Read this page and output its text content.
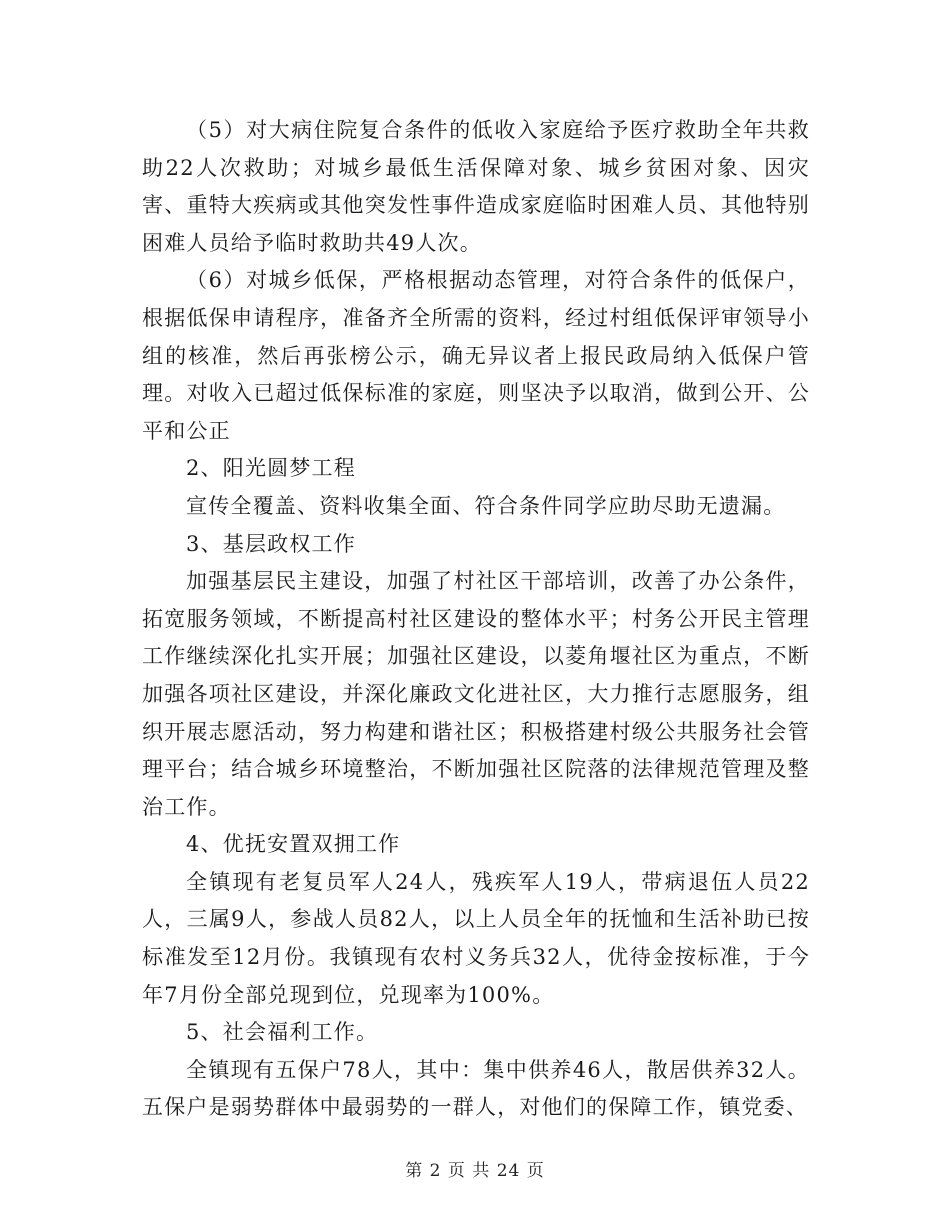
（5）对大病住院复合条件的低收入家庭给予医疗救助全年共救助22人次救助；对城乡最低生活保障对象、城乡贫困对象、因灾害、重特大疾病或其他突发性事件造成家庭临时困难人员、其他特别困难人员给予临时救助共49人次。

（6）对城乡低保，严格根据动态管理，对符合条件的低保户，根据低保申请程序，准备齐全所需的资料，经过村组低保评审领导小组的核准，然后再张榜公示，确无异议者上报民政局纳入低保户管理。对收入已超过低保标准的家庭，则坚决予以取消，做到公开、公平和公正

2、阳光圆梦工程

宣传全覆盖、资料收集全面、符合条件同学应助尽助无遗漏。

3、基层政权工作

加强基层民主建设，加强了村社区干部培训，改善了办公条件，拓宽服务领域，不断提高村社区建设的整体水平；村务公开民主管理工作继续深化扎实开展；加强社区建设，以菱角堰社区为重点，不断加强各项社区建设，并深化廉政文化进社区，大力推行志愿服务，组织开展志愿活动，努力构建和谐社区；积极搭建村级公共服务社会管理平台；结合城乡环境整治，不断加强社区院落的法律规范管理及整治工作。

4、优抚安置双拥工作

全镇现有老复员军人24人，残疾军人19人，带病退伍人员22人，三属9人，参战人员82人，以上人员全年的抚恤和生活补助已按标准发至12月份。我镇现有农村义务兵32人，优待金按标准，于今年7月份全部兑现到位，兑现率为100%。

5、社会福利工作。

全镇现有五保户78人，其中：集中供养46人，散居供养32人。五保户是弱势群体中最弱势的一群人，对他们的保障工作，镇党委、

第 2 页 共 24 页
